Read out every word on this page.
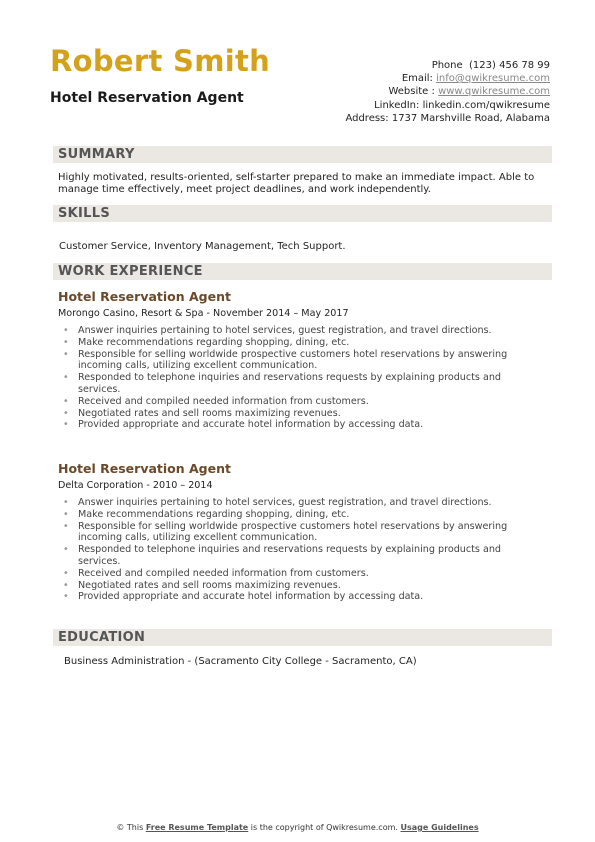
Robert Smith
Hotel Reservation Agent
Phone (123) 456 78 99
Email: info@qwikresume.com
Website : www.qwikresume.com
LinkedIn: linkedin.com/qwikresume
Address: 1737 Marshville Road, Alabama
SUMMARY
Highly motivated, results-oriented, self-starter prepared to make an immediate impact. Able to manage time effectively, meet project deadlines, and work independently.
SKILLS
Customer Service, Inventory Management, Tech Support.
WORK EXPERIENCE
Hotel Reservation Agent
Morongo Casino, Resort & Spa - November 2014 – May 2017
• Answer inquiries pertaining to hotel services, guest registration, and travel directions.
• Make recommendations regarding shopping, dining, etc.
• Responsible for selling worldwide prospective customers hotel reservations by answering incoming calls, utilizing excellent communication.
• Responded to telephone inquiries and reservations requests by explaining products and services.
• Received and compiled needed information from customers.
• Negotiated rates and sell rooms maximizing revenues.
• Provided appropriate and accurate hotel information by accessing data.
Hotel Reservation Agent
Delta Corporation - 2010 – 2014
• Answer inquiries pertaining to hotel services, guest registration, and travel directions.
• Make recommendations regarding shopping, dining, etc.
• Responsible for selling worldwide prospective customers hotel reservations by answering incoming calls, utilizing excellent communication.
• Responded to telephone inquiries and reservations requests by explaining products and services.
• Received and compiled needed information from customers.
• Negotiated rates and sell rooms maximizing revenues.
• Provided appropriate and accurate hotel information by accessing data.
EDUCATION
Business Administration - (Sacramento City College - Sacramento, CA)
© This Free Resume Template is the copyright of Qwikresume.com. Usage Guidelines
